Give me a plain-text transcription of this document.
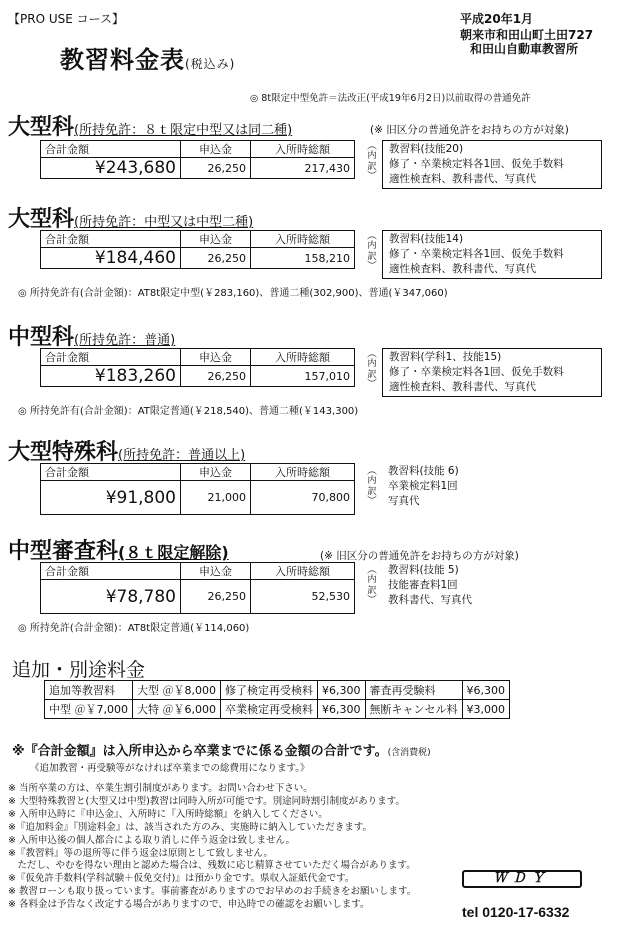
【PRO USE コース】	平成20年1月
朝来市和田山町土田727
和田山自動車教習所
教習料金表(税込み)
◎ 8t限定中型免許＝法改正(平成19年6月2日)以前取得の普通免許
大型科(所持免許：８ｔ限定中型又は同二種)	(※ 旧区分の普通免許をお持ちの方が対象)
合計金額	申込金	入所時総額
¥243,680	26,250	217,430
︵
内
訳
︶
教習料(技能20)
修了・卒業検定料各1回、仮免手数料
適性検査料、教科書代、写真代
大型科(所持免許：中型又は中型二種)
合計金額	申込金	入所時総額
¥184,460	26,250	158,210
︵
内
訳
︶
教習料(技能14)
修了・卒業検定料各1回、仮免手数料
適性検査料、教科書代、写真代
◎ 所持免許有(合計金額)：AT8t限定中型(￥283,160)、普通二種(302,900)、普通(￥347,060)
中型科(所持免許：普通)
合計金額	申込金	入所時総額
¥183,260	26,250	157,010
︵
内
訳
︶
教習料(学科1、技能15)
修了・卒業検定料各1回、仮免手数料
適性検査料、教科書代、写真代
◎ 所持免許有(合計金額)：AT限定普通(￥218,540)、普通二種(￥143,300)
大型特殊科(所持免許：普通以上)
合計金額	申込金	入所時総額
¥91,800	21,000	70,800
︵
内
訳
︶
教習料(技能 6)
卒業検定料1回
写真代
中型審査科(８ｔ限定解除)	(※ 旧区分の普通免許をお持ちの方が対象)
合計金額	申込金	入所時総額
¥78,780	26,250	52,530
︵
内
訳
︶
教習料(技能 5)
技能審査料1回
教科書代、写真代
◎ 所持免許(合計金額)：AT8t限定普通(￥114,060)
追加・別途料金
追加等教習料	大型 ＠￥8,000	修了検定再受検料	¥6,300	審査再受験料	¥6,300
中型 ＠￥7,000	大特 ＠￥6,000	卒業検定再受検料	¥6,300	無断キャンセル料	¥3,000
※『合計金額』は入所申込から卒業までに係る金額の合計です。(含消費税)
《追加教習・再受験等がなければ卒業までの総費用になります。》
※ 当所卒業の方は、卒業生割引制度があります。お問い合わせ下さい。
※ 大型特殊教習と(大型又は中型)教習は同時入所が可能です。別途同時割引制度があります。
※ 入所申込時に『申込金』、入所時に『入所時総額』を納入してください。
※『追加料金』『別途料金』は、該当された方のみ、実施時に納入していただきます。
※ 入所申込後の個人都合による取り消しに伴う返金は致しません。
※『教習料』等の退所等に伴う返金は原則として致しません。
　ただし、やむを得ない理由と認めた場合は、残数に応じ精算させていただく場合があります。
※『仮免許手数料(学科試験＋仮免交付)』は預かり金です。県収入証紙代金です。
※ 教習ローンも取り扱っています。事前審査がありますのでお早めのお手続きをお願いします。
※ 各料金は予告なく改定する場合がありますので、申込時での確認をお願いします。
ＷＤＹ
tel 0120-17-6332
